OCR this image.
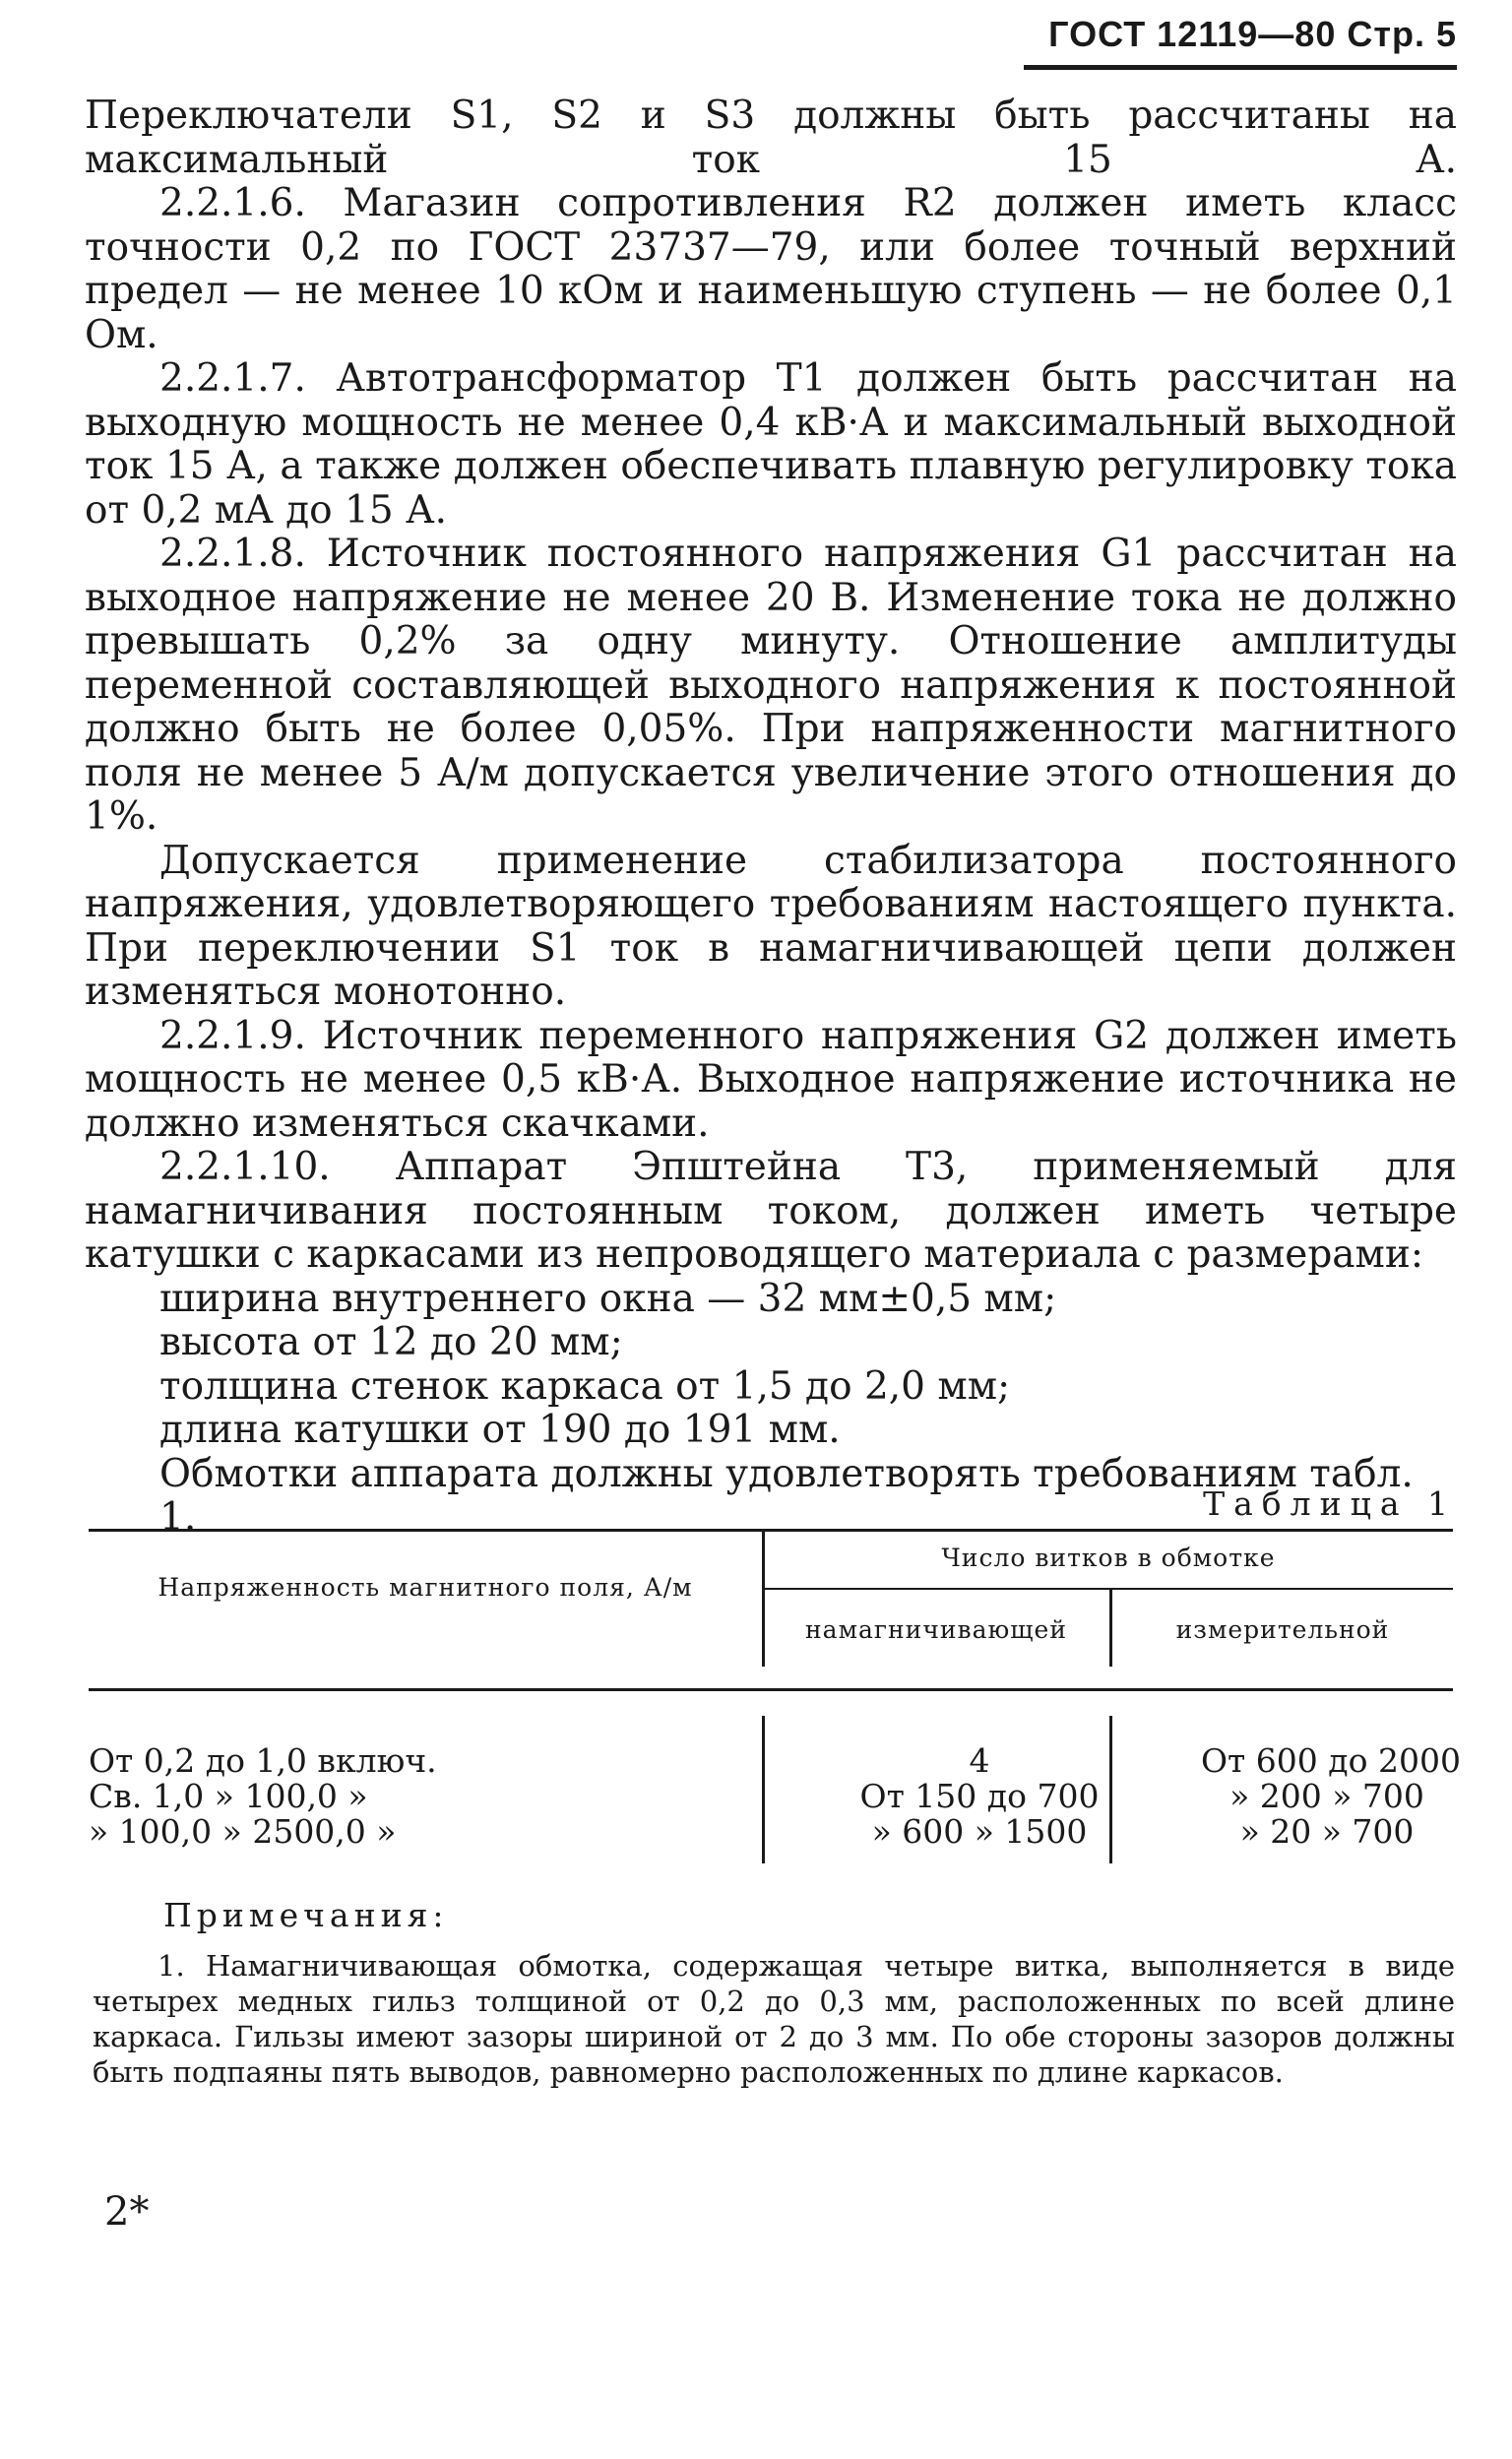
ГОСТ 12119—80 Стр. 5

Переключатели S1, S2 и S3 должны быть рассчитаны на максимальный ток 15 А.

2.2.1.6. Магазин сопротивления R2 должен иметь класс точности 0,2 по ГОСТ 23737—79, или более точный верхний предел — не менее 10 кОм и наименьшую ступень — не более 0,1 Ом.

2.2.1.7. Автотрансформатор T1 должен быть рассчитан на выходную мощность не менее 0,4 кВ·А и максимальный выходной ток 15 А, а также должен обеспечивать плавную регулировку тока от 0,2 мА до 15 А.

2.2.1.8. Источник постоянного напряжения G1 рассчитан на выходное напряжение не менее 20 В. Изменение тока не должно превышать 0,2% за одну минуту. Отношение амплитуды переменной составляющей выходного напряжения к постоянной должно быть не более 0,05%. При напряженности магнитного поля не менее 5 А/м допускается увеличение этого отношения до 1%.

Допускается применение стабилизатора постоянного напряжения, удовлетворяющего требованиям настоящего пункта. При переключении S1 ток в намагничивающей цепи должен изменяться монотонно.

2.2.1.9. Источник переменного напряжения G2 должен иметь мощность не менее 0,5 кВ·А. Выходное напряжение источника не должно изменяться скачками.

2.2.1.10. Аппарат Эпштейна T3, применяемый для намагничивания постоянным током, должен иметь четыре катушки с каркасами из непроводящего материала с размерами:

ширина внутреннего окна — 32 мм±0,5 мм;

высота от 12 до 20 мм;

толщина стенок каркаса от 1,5 до 2,0 мм;

длина катушки от 190 до 191 мм.

Обмотки аппарата должны удовлетворять требованиям табл. 1.	Таблица 1
Напряженность магнитного поля, А/м
Число витков в обмотке
намагничивающей	измерительной
От 0,2 до 1,0 включ.	4	От 600 до 2000
Св. 1,0 » 100,0 »	От 150 до 700	» 200 » 700
» 100,0 » 2500,0 »	» 600 » 1500	» 20 » 700

Примечания:

1. Намагничивающая обмотка, содержащая четыре витка, выполняется в виде четырех медных гильз толщиной от 0,2 до 0,3 мм, расположенных по всей длине каркаса. Гильзы имеют зазоры шириной от 2 до 3 мм. По обе стороны зазоров должны быть подпаяны пять выводов, равномерно расположенных по длине каркасов.

2*
